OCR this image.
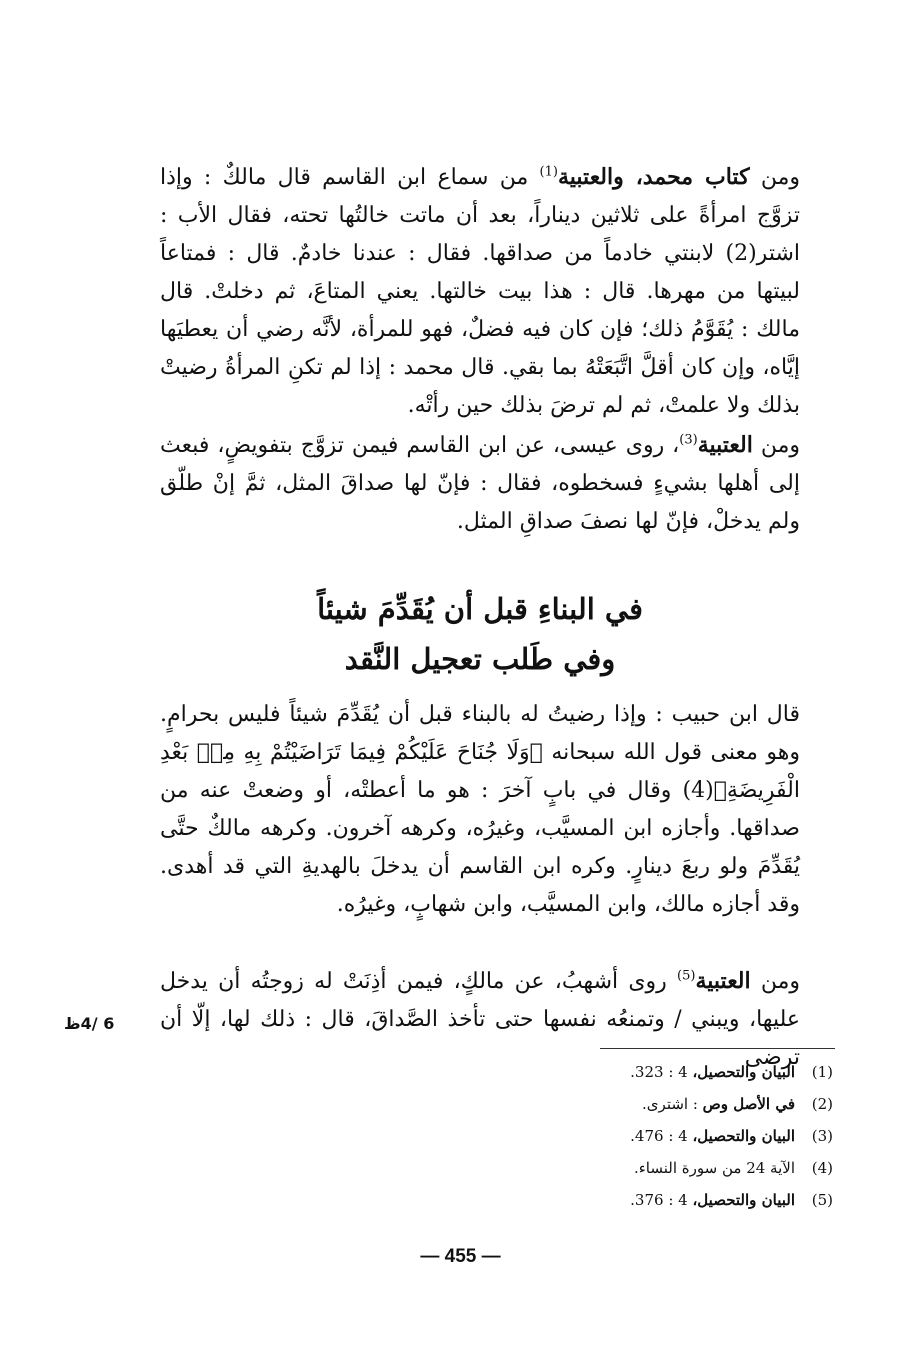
ومن كتاب محمد، والعتبية$^{(1)}$ من سماع ابن القاسم قال مالكٌ : وإذا تزوَّج امرأةً على ثلاثين ديناراً، بعد أن ماتت خالتُها تحته، فقال الأب : اشتر(2) لابنتي خادماً من صداقها. فقال : عندنا خادمٌ. قال : فمتاعاً لبيتها من مهرها. قال : هذا بيت خالتها. يعني المتاعَ، ثم دخلتْ. قال مالك : يُقَوَّمُ ذلك؛ فإن كان فيه فضلٌ، فهو للمرأة، لأنَّه رضي أن يعطيَها إيَّاه، وإن كان أقلَّ اتَّبَعَتْهُ بما بقي. قال محمد : إذا لم تكنِ المرأةُ رضيتْ بذلك ولا علمتْ، ثم لم ترضَ بذلك حين رأتْه.

ومن العتبية$^{(3)}$، روى عيسى، عن ابن القاسم فيمن تزوَّج بتفويضٍ، فبعث إلى أهلها بشيءٍ فسخطوه، فقال : فإنّ لها صداقَ المثل، ثمَّ إنْ طلّق ولم يدخلْ، فإنّ لها نصفَ صداقِ المثل.

في البناءِ قبل أن يُقَدِّمَ شيئاً
وفي طَلب تعجيل النَّقد

قال ابن حبيب : وإذا رضيتُ له بالبناء قبل أن يُقَدِّمَ شيئاً فليس بحرامٍ. وهو معنى قول الله سبحانه ﴿وَلَا جُنَاحَ عَلَيْكُمْ فِيمَا تَرَاضَيْتُمْ بِهِ مِنۢ بَعْدِ الْفَرِيضَةِ﴾(4) وقال في بابٍ آخرَ : هو ما أعطتْه، أو وضعتْ عنه من صداقها. وأجازه ابن المسيَّب، وغيرُه، وكرهه آخرون. وكرهه مالكٌ حتَّى يُقَدِّمَ ولو ربعَ دينارٍ. وكره ابن القاسم أن يدخلَ بالهديةِ التي قد أهدى. وقد أجازه مالك، وابن المسيَّب، وابن شهابٍ، وغيرُه.

ومن العتبية$^{(5)}$ روى أشهبُ، عن مالكٍ، فيمن أذِنَتْ له زوجتُه أن يدخل عليها، ويبني / وتمنعُه نفسها حتى تأخذ الصَّداقَ، قال : ذلك لها، إلّا أن ترضى

6 /4ظ
(1)البيان والتحصيل، 4 : 323.
(2)في الأصل وص : اشترى.
(3)البيان والتحصيل، 4 : 476.
(4)الآية 24 من سورة النساء.
(5)البيان والتحصيل، 4 : 376.
— 455 —
